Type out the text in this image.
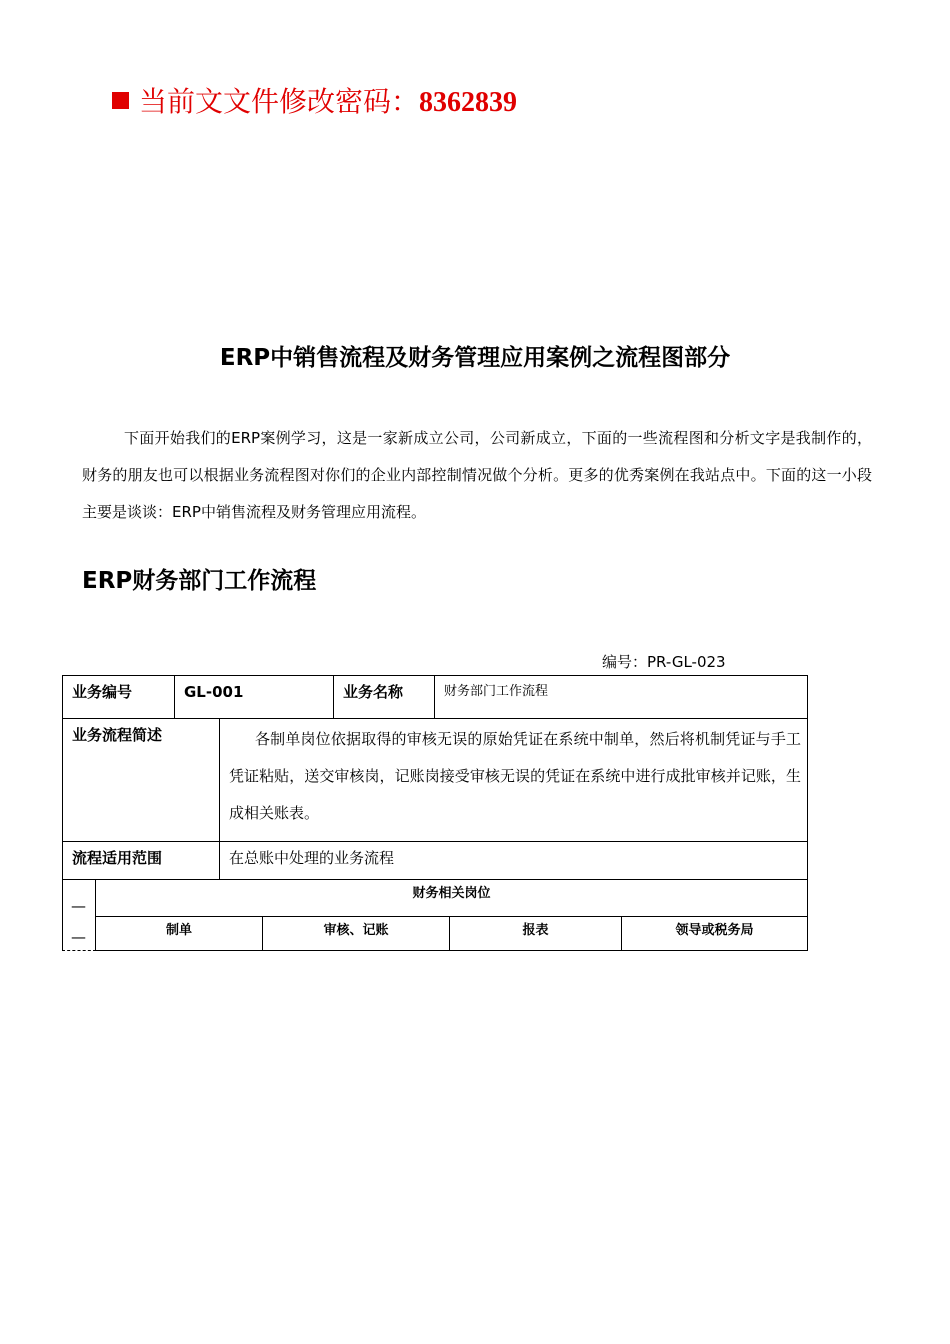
当前文文件修改密码：8362839
ERP中销售流程及财务管理应用案例之流程图部分
下面开始我们的ERP案例学习，这是一家新成立公司，公司新成立，下面的一些流程图和分析文字是我制作的，财务的朋友也可以根据业务流程图对你们的企业内部控制情况做个分析。更多的优秀案例在我站点中。下面的这一小段主要是谈谈：ERP中销售流程及财务管理应用流程。
ERP财务部门工作流程
编号：PR-GL-023
业务编号	GL-001	业务名称	财务部门工作流程
业务流程简述	各制单岗位依据取得的审核无误的原始凭证在系统中制单，然后将机制凭证与手工凭证粘贴，送交审核岗，记账岗接受审核无误的凭证在系统中进行成批审核并记账，生成相关账表。
流程适用范围	在总账中处理的业务流程
—
—
财务相关岗位
制单	审核、记账	报表	领导或税务局
